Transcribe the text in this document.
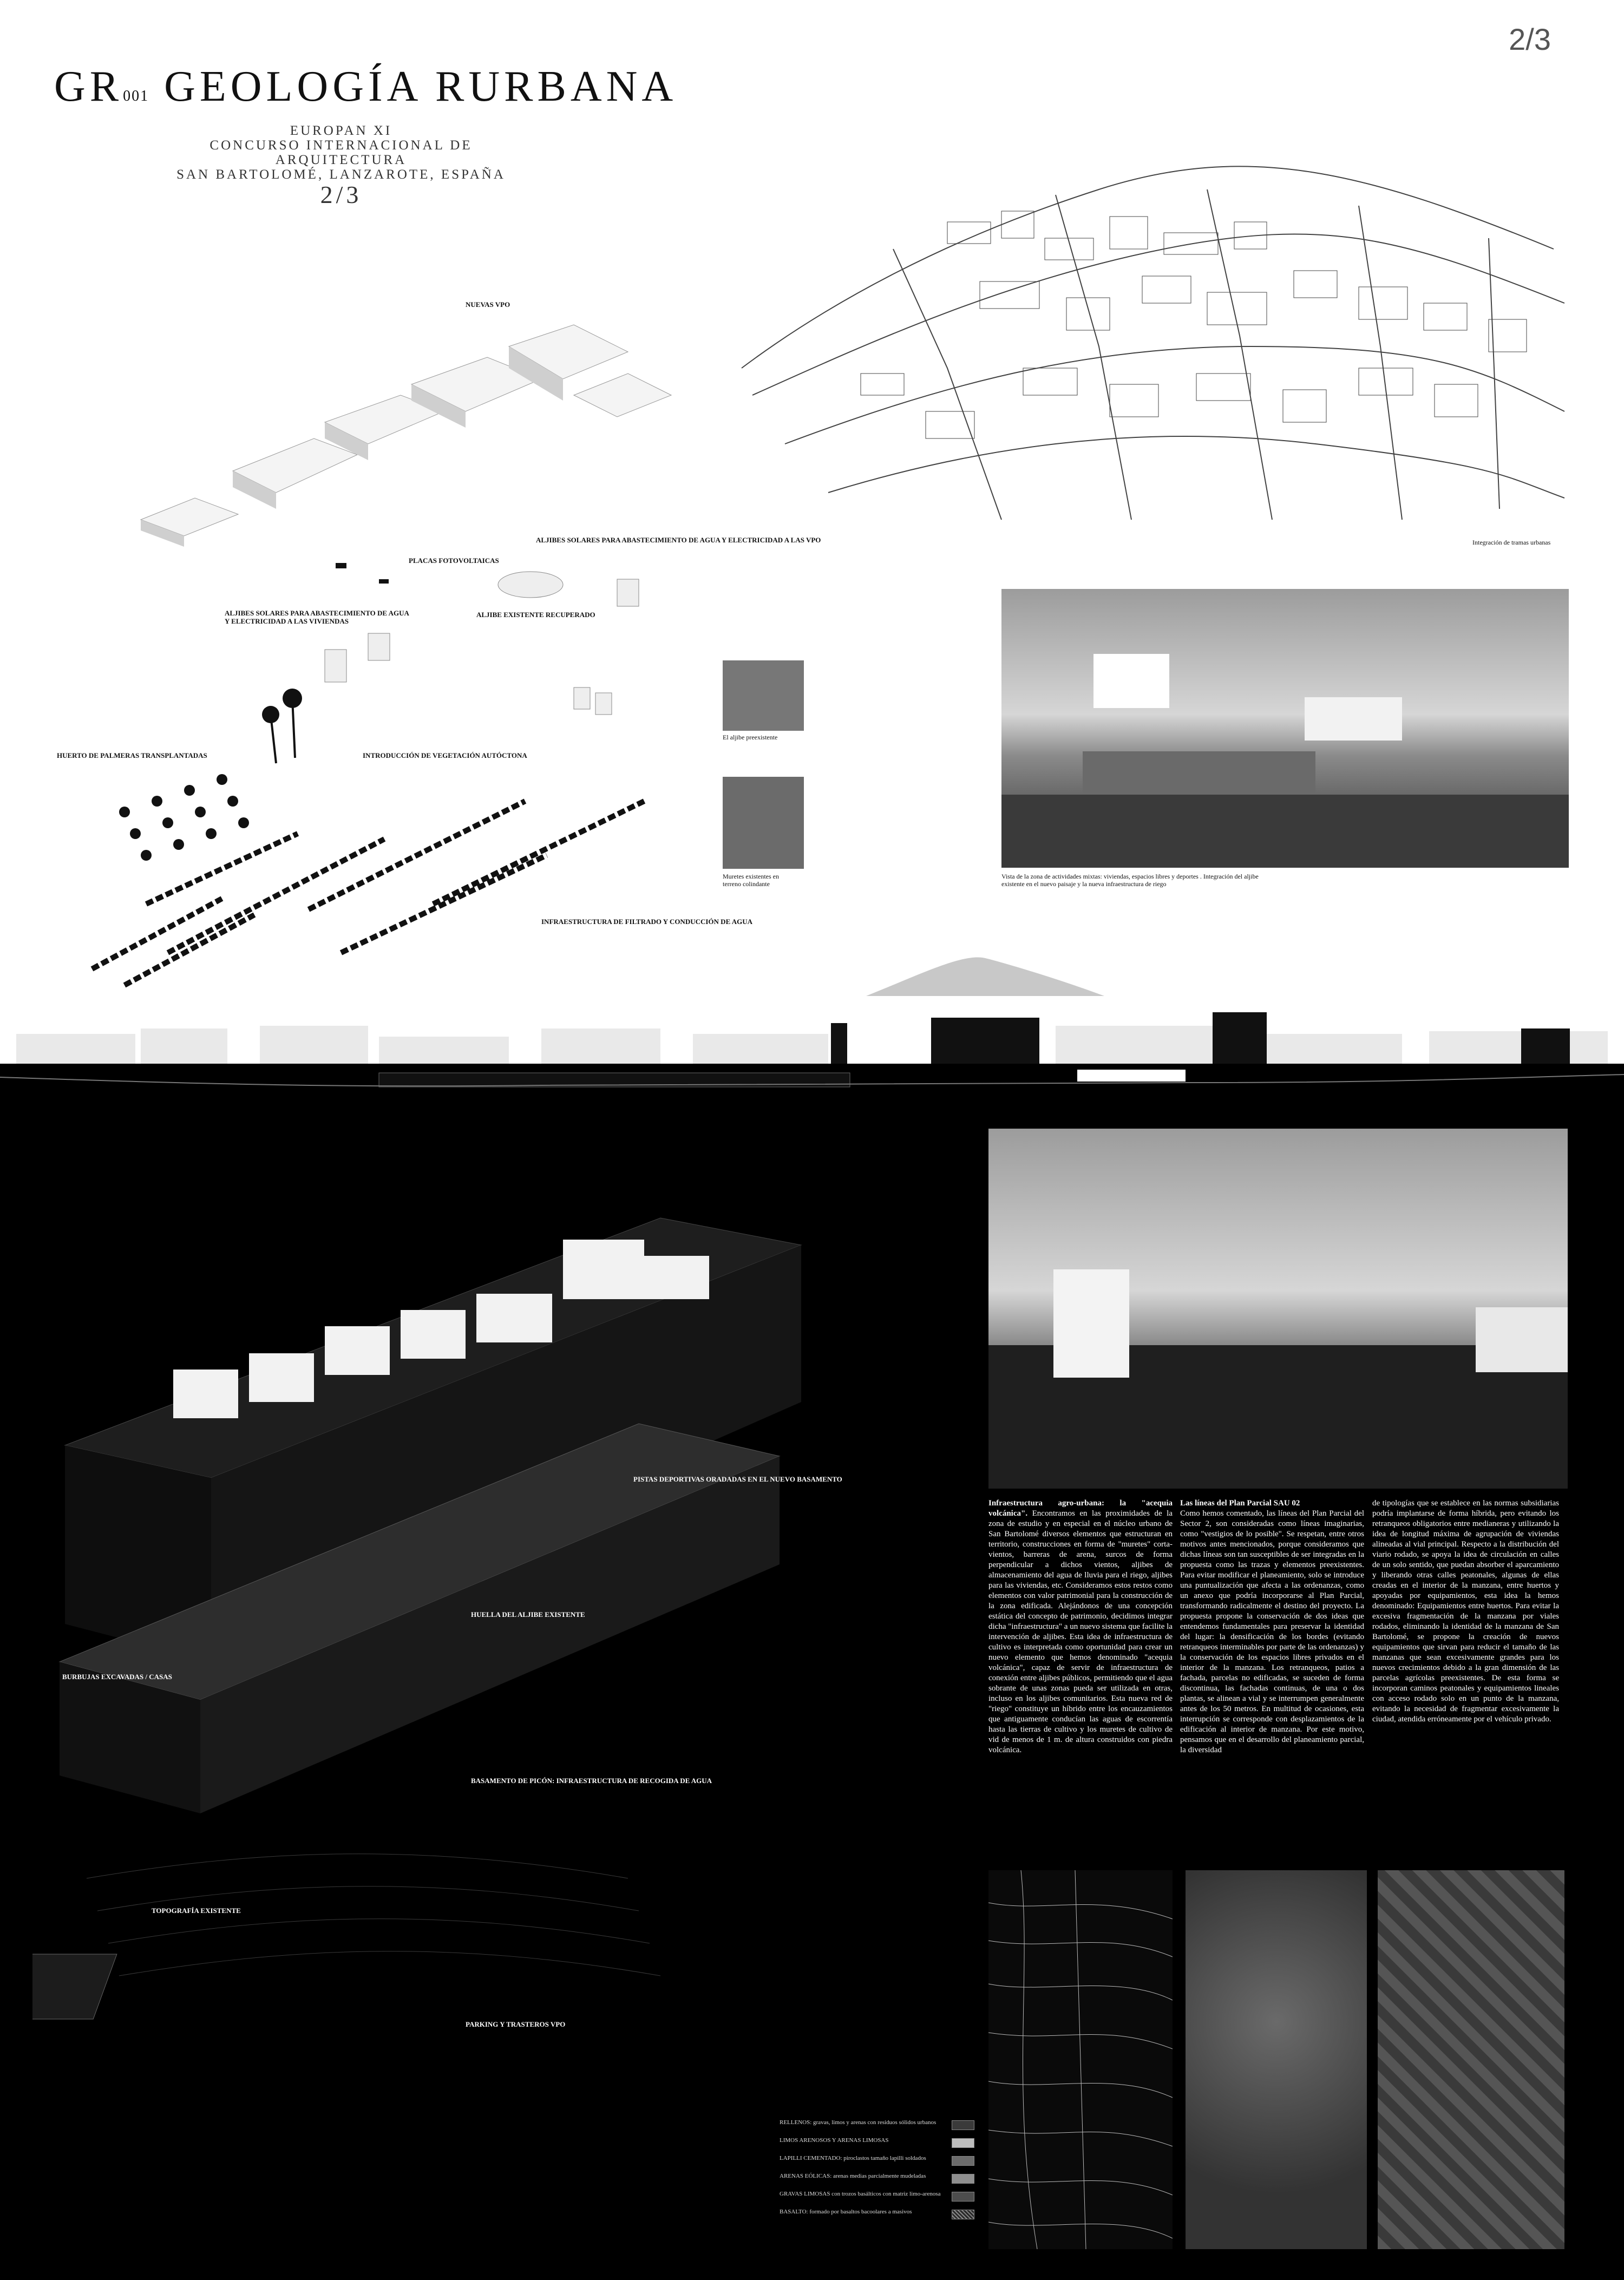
GR001 GEOLOGÍA RURBANA
2/3
EUROPAN XI
CONCURSO INTERNACIONAL DE ARQUITECTURA
SAN BARTOLOMÉ, LANZAROTE, ESPAÑA
2/3
Integración de tramas urbanas
NUEVAS VPO
PLACAS FOTOVOLTAICAS
ALJIBES SOLARES PARA ABASTECIMIENTO DE AGUA Y ELECTRICIDAD A LAS VPO
ALJIBES SOLARES PARA ABASTECIMIENTO DE AGUA
Y ELECTRICIDAD A LAS VIVIENDAS
ALJIBE EXISTENTE RECUPERADO
HUERTO DE PALMERAS TRANSPLANTADAS	INTRODUCCIÓN DE VEGETACIÓN AUTÓCTONA
El aljibe preexistente
Muretes existentes en
terreno colindante
INFRAESTRUCTURA DE FILTRADO Y CONDUCCIÓN DE AGUA
Vista de la zona de actividades mixtas: viviendas, espacios libres y deportes . Integración del aljibe
existente en el nuevo paisaje y la nueva infraestructura de riego
PISTAS DEPORTIVAS ORADADAS EN EL NUEVO BASAMENTO
HUELLA DEL ALJIBE EXISTENTE
BURBUJAS EXCAVADAS / CASAS
BASAMENTO DE PICÓN: INFRAESTRUCTURA DE RECOGIDA DE AGUA
TOPOGRAFÍA EXISTENTE
PARKING Y TRASTEROS VPO
Infraestructura agro-urbana: la "acequia volcánica". Encontramos en las proximidades de la zona de estudio y en especial en el núcleo urbano de San Bartolomé diversos elementos que estructuran en territorio, construcciones en forma de "muretes" corta-vientos, barreras de arena, surcos de forma perpendicular a dichos vientos, aljibes de almacenamiento del agua de lluvia para el riego, aljibes para las viviendas, etc. Consideramos estos restos como elementos con valor patrimonial para la construcción de la zona edificada. Alejándonos de una concepción estática del concepto de patrimonio, decidimos integrar dicha "infraestructura" a un nuevo sistema que facilite la intervención de aljibes. Esta idea de infraestructura de cultivo es interpretada como oportunidad para crear un nuevo elemento que hemos denominado "acequia volcánica", capaz de servir de infraestructura de conexión entre aljibes públicos, permitiendo que el agua sobrante de unas zonas pueda ser utilizada en otras, incluso en los aljibes comunitarios. Esta nueva red de "riego" constituye un híbrido entre los encauzamientos que antiguamente conducían las aguas de escorrentía hasta las tierras de cultivo y los muretes de cultivo de vid de menos de 1 m. de altura construidos con piedra volcánica.
Las líneas del Plan Parcial SAU 02
Como hemos comentado, las líneas del Plan Parcial del Sector 2, son consideradas como líneas imaginarias, como "vestigios de lo posible". Se respetan, entre otros motivos antes mencionados, porque consideramos que dichas líneas son tan susceptibles de ser integradas en la propuesta como las trazas y elementos preexistentes. Para evitar modificar el planeamiento, solo se introduce una puntualización que afecta a las ordenanzas, como un anexo que podría incorporarse al Plan Parcial, transformando radicalmente el destino del proyecto. La propuesta propone la conservación de dos ideas que entendemos fundamentales para preservar la identidad del lugar: la densificación de los bordes (evitando retranqueos interminables por parte de las ordenanzas) y la conservación de los espacios libres privados en el interior de la manzana. Los retranqueos, patios a fachada, parcelas no edificadas, se suceden de forma discontinua, las fachadas continuas, de una o dos plantas, se alinean a vial y se interrumpen generalmente antes de los 50 metros. En multitud de ocasiones, esta interrupción se corresponde con desplazamientos de la edificación al interior de manzana. Por este motivo, pensamos que en el desarrollo del planeamiento parcial, la diversidad
de tipologías que se establece en las normas subsidiarias podría implantarse de forma híbrida, pero evitando los retranqueos obligatorios entre medianeras y utilizando la idea de longitud máxima de agrupación de viviendas alineadas al vial principal. Respecto a la distribución del viario rodado, se apoya la idea de circulación en calles de un solo sentido, que puedan absorber el aparcamiento y liberando otras calles peatonales, algunas de ellas creadas en el interior de la manzana, entre huertos y apoyadas por equipamientos, esta idea la hemos denominado: Equipamientos entre huertos. Para evitar la excesiva fragmentación de la manzana por viales rodados, eliminando la identidad de la manzana de San Bartolomé, se propone la creación de nuevos equipamientos que sirvan para reducir el tamaño de las manzanas que sean excesivamente grandes para los nuevos crecimientos debido a la gran dimensión de las parcelas agrícolas preexistentes. De esta forma se incorporan caminos peatonales y equipamientos lineales con acceso rodado solo en un punto de la manzana, evitando la necesidad de fragmentar excesivamente la ciudad, atendida erróneamente por el vehículo privado.
RELLENOS: gravas, limos y arenas con residuos sólidos urbanos
LIMOS ARENOSOS Y ARENAS LIMOSAS
LAPILLI CEMENTADO: piroclastos tamaño lapilli soldados
ARENAS EÓLICAS: arenas medias parcialmente mudeladas
GRAVAS LIMOSAS con trozos basálticos con matriz limo-arenosa
BASALTO: formado por basaltos bacoolares a masivos
